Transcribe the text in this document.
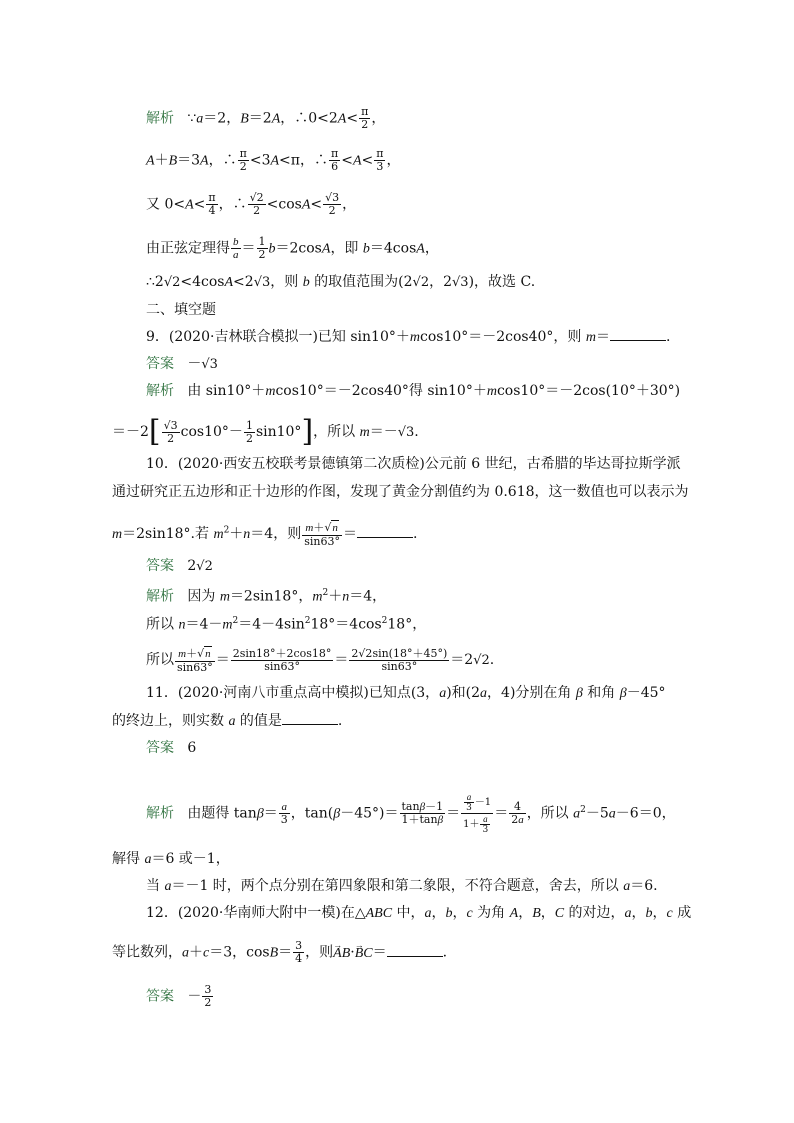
解析 ∵a＝2，B＝2A，∴0<2A< $\frac{\pi}{2}$ ，
A＋B＝3A，∴ $\frac{\pi}{2} <3A<\pi$，∴ $\frac{\pi}{6} <A< \frac{\pi}{3}$ ，
又 $0<A< \frac{\pi}{4}$ ，∴ $\frac{√2}{2} <\cos A< \frac{√3}{2}$ ，
由正弦定理得 $\frac{b}{a} = \frac{1}{2} b=2\cos A$，即 b＝4cosA，
∴2√2<4cosA<2√3，则 b 的取值范围为(2√2，2√3)，故选 C.
二、填空题
9．(2020·吉林联合模拟一)已知 sin10°＋mcos10°＝－2cos40°，则 m＝	.
答案 －√3
解析 由 sin10°＋mcos10°＝－2cos40°得 sin10°＋mcos10°＝－2cos(10°＋30°)
$=-2[ \frac{√3}{2} \cos 10^\circ- \frac{1}{2} \sin 10^\circ]$，所以 m＝－√3.
10．(2020·西安五校联考景德镇第二次质检)公元前 6 世纪，古希腊的毕达哥拉斯学派
通过研究正五边形和正十边形的作图，发现了黄金分割值约为 0.618，这一数值也可以表示为
m＝2sin18°.若 $m^2+n=4$，则 $\frac{m+√n}{\sin 63^\circ}$ ＝	.
答案 2√2
解析 因为 m＝2sin18°，$m^2+n=4$，
所以 $n=4-m^2=4-4\sin^218^\circ=4\cos^218^\circ$，
所以 $\frac{m+√n}{\sin 63^\circ} = \frac{2\sin 18^\circ+2\cos 18^\circ}{\sin 63^\circ} = \frac{2√2\sin(18^\circ+45^\circ)}{\sin 63^\circ} =2√2$.
11．(2020·河南八市重点高中模拟)已知点(3，a)和(2a，4)分别在角 β 和角 β－45°
的终边上，则实数 a 的值是	.
答案 6
解析 由题得 $\tan\beta= \frac{a}{3}$ ，$\tan(\beta-45^\circ)= \frac{\tan\beta-1}{1+\tan\beta} = \frac{\frac{a}{3} -1}{1+ \frac{a}{3}} = \frac{4}{2a}$ ，所以 $a^2-5a-6=0$，
解得 a＝6 或－1，
当 a＝－1 时，两个点分别在第四象限和第二象限，不符合题意，舍去，所以 a＝6.
12．(2020·华南师大附中一模)在△ABC 中，a，b，c 为角 A，B，C 的对边，a，b，c 成
等比数列，a＋c＝3，$\cos B= \frac{3}{4}$ ，则→ AB·→ BC＝	.
答案 － $\frac{3}{2}$
